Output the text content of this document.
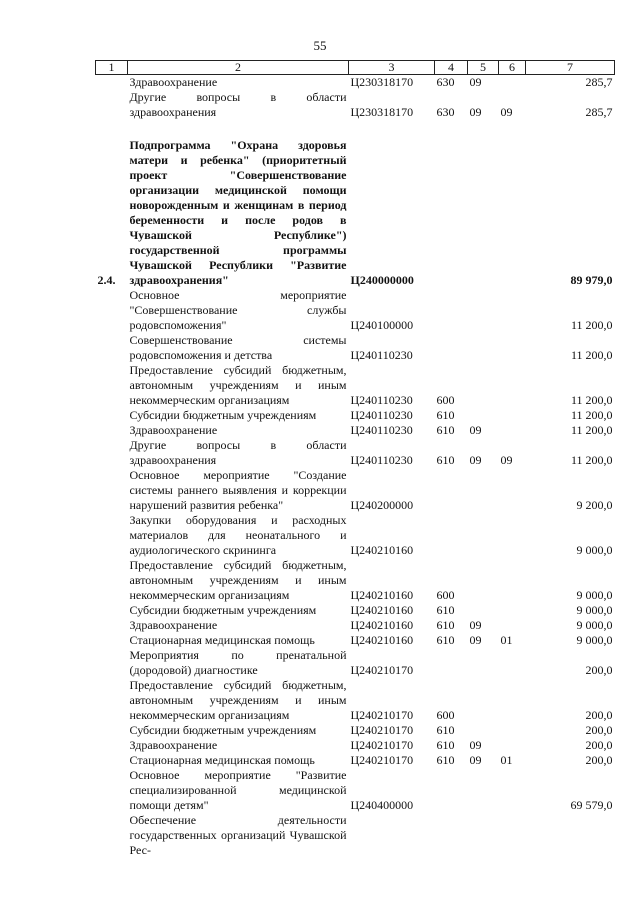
55
1	2	3	4	5	6	7
	Здравоохранение	Ц230318170	630	09		285,7
	Другие вопросы в области здравоохранения	Ц230318170	630	09	09	285,7

2.4.	Подпрограмма "Охрана здоровья матери и ребенка" (приоритетный проект "Совершенствование организации медицинской помощи новорожденным и женщинам в период беременности и после родов в Чувашской Республике") государственной программы Чувашской Республики "Развитие здравоохранения"	Ц240000000				89 979,0
	Основное мероприятие "Совершенствование службы родовспоможения"	Ц240100000				11 200,0
	Совершенствование системы родовспоможения и детства	Ц240110230				11 200,0
	Предоставление субсидий бюджетным, автономным учреждениям и иным некоммерческим организациям	Ц240110230	600			11 200,0
	Субсидии бюджетным учреждениям	Ц240110230	610			11 200,0
	Здравоохранение	Ц240110230	610	09		11 200,0
	Другие вопросы в области здравоохранения	Ц240110230	610	09	09	11 200,0
	Основное мероприятие "Создание системы раннего выявления и коррекции нарушений развития ребенка"	Ц240200000				9 200,0
	Закупки оборудования и расходных материалов для неонатального и аудиологического скрининга	Ц240210160				9 000,0
	Предоставление субсидий бюджетным, автономным учреждениям и иным некоммерческим организациям	Ц240210160	600			9 000,0
	Субсидии бюджетным учреждениям	Ц240210160	610			9 000,0
	Здравоохранение	Ц240210160	610	09		9 000,0
	Стационарная медицинская помощь	Ц240210160	610	09	01	9 000,0
	Мероприятия по пренатальной (дородовой) диагностике	Ц240210170				200,0
	Предоставление субсидий бюджетным, автономным учреждениям и иным некоммерческим организациям	Ц240210170	600			200,0
	Субсидии бюджетным учреждениям	Ц240210170	610			200,0
	Здравоохранение	Ц240210170	610	09		200,0
	Стационарная медицинская помощь	Ц240210170	610	09	01	200,0
	Основное мероприятие "Развитие специализированной медицинской помощи детям"	Ц240400000				69 579,0
	Обеспечение деятельности государственных организаций Чувашской Рес-					
